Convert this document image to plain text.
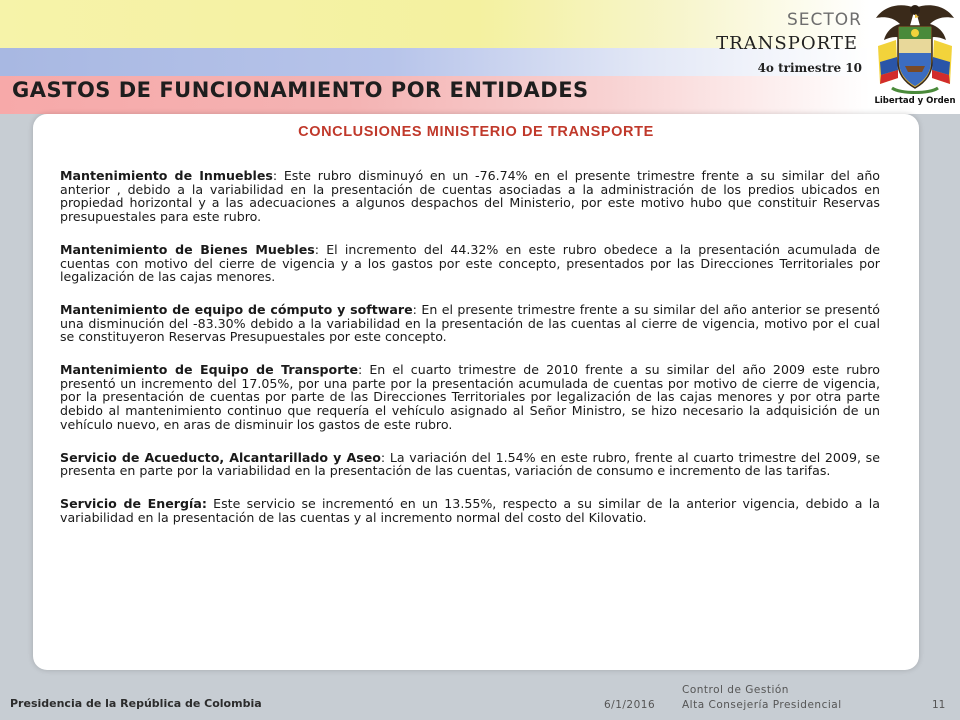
SECTOR
TRANSPORTE
4o trimestre 10
GASTOS DE FUNCIONAMIENTO POR ENTIDADES	Libertad y Orden
CONCLUSIONES MINISTERIO DE TRANSPORTE

Mantenimiento de Inmuebles: Este rubro disminuyó en un -76.74% en el presente trimestre frente a su similar del año anterior , debido a la variabilidad en la presentación de cuentas asociadas a la administración de los predios ubicados en propiedad horizontal y a las adecuaciones a algunos despachos del Ministerio, por este motivo hubo que constituir Reservas presupuestales para este rubro.

Mantenimiento de Bienes Muebles: El incremento del 44.32% en este rubro obedece a la presentación acumulada de cuentas con motivo del cierre de vigencia y a los gastos por este concepto, presentados por las Direcciones Territoriales por legalización de las cajas menores.

Mantenimiento de equipo de cómputo y software: En el presente trimestre frente a su similar del año anterior se presentó una disminución del -83.30% debido a la variabilidad en la presentación de las cuentas al cierre de vigencia, motivo por el cual se constituyeron Reservas Presupuestales por este concepto.

Mantenimiento de Equipo de Transporte: En el cuarto trimestre de 2010 frente a su similar del año 2009 este rubro presentó un incremento del 17.05%, por una parte por la presentación acumulada de cuentas por motivo de cierre de vigencia, por la presentación de cuentas por parte de las Direcciones Territoriales por legalización de las cajas menores y por otra parte debido al mantenimiento continuo que requería el vehículo asignado al Señor Ministro, se hizo necesario la adquisición de un vehículo nuevo, en aras de disminuir los gastos de este rubro.

Servicio de Acueducto, Alcantarillado y Aseo: La variación del 1.54% en este rubro, frente al cuarto trimestre del 2009, se presenta en parte por la variabilidad en la presentación de las cuentas, variación de consumo e incremento de las tarifas.

Servicio de Energía: Este servicio se incrementó en un 13.55%, respecto a su similar de la anterior vigencia, debido a la variabilidad en la presentación de las cuentas y al incremento normal del costo del Kilovatio.

Presidencia de la República de Colombia	6/1/2016
Control de Gestión
Alta Consejería Presidencial	11
